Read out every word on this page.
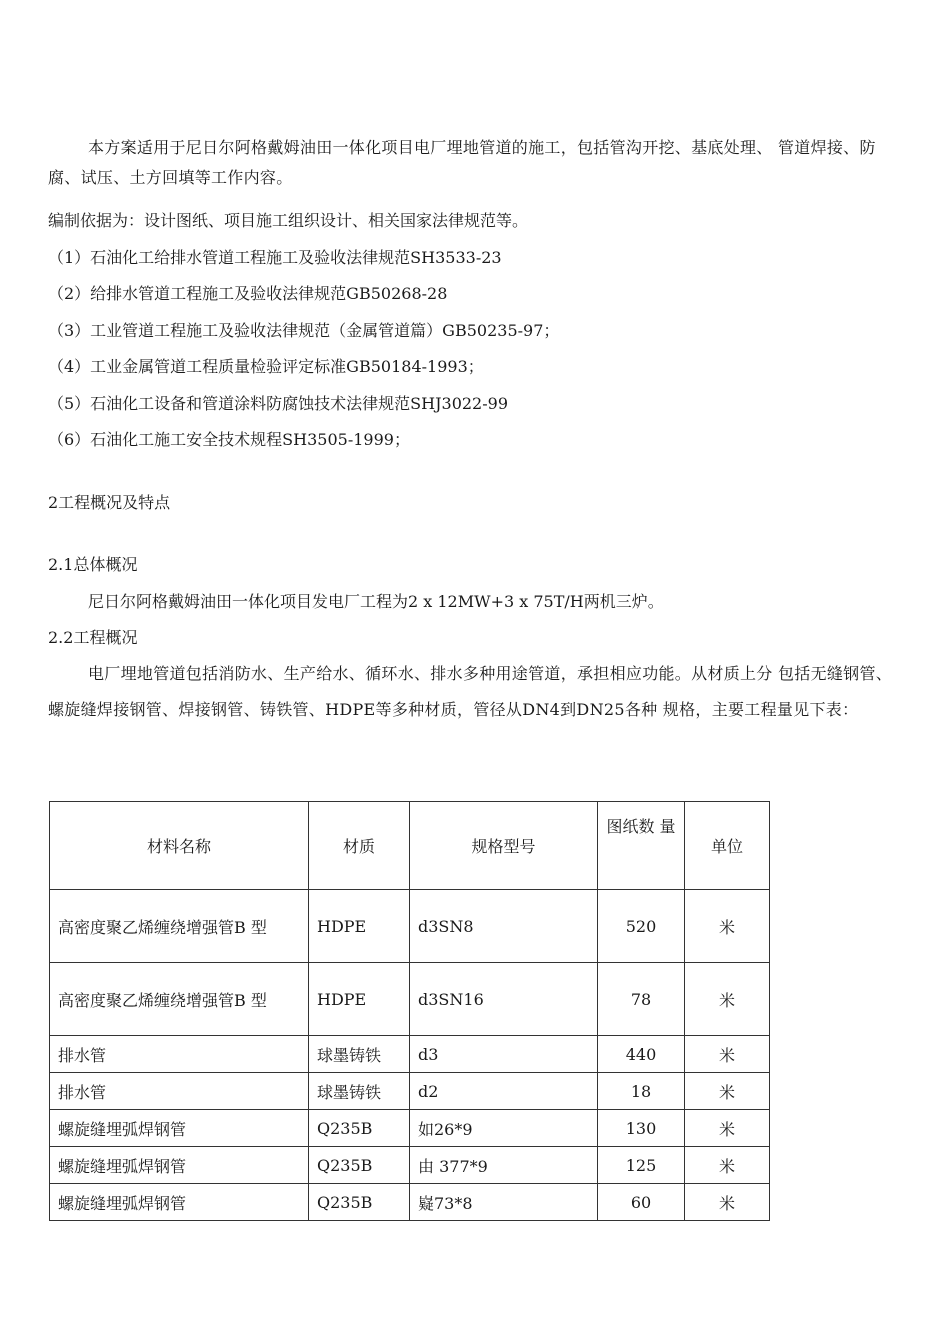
本方案适用于尼日尔阿格戴姆油田一体化项目电厂埋地管道的施工，包括管沟开挖、基底处理、 管道焊接、防腐、试压、土方回填等工作内容。

编制依据为：设计图纸、项目施工组织设计、相关国家法律规范等。

（1）石油化工给排水管道工程施工及验收法律规范SH3533-23

（2）给排水管道工程施工及验收法律规范GB50268-28

（3）工业管道工程施工及验收法律规范（金属管道篇）GB50235-97；

（4）工业金属管道工程质量检验评定标准GB50184-1993；

（5）石油化工设备和管道涂料防腐蚀技术法律规范SHJ3022-99

（6）石油化工施工安全技术规程SH3505-1999；

2工程概况及特点

2.1总体概况

尼日尔阿格戴姆油田一体化项目发电厂工程为2 x 12MW+3 x 75T/H两机三炉。

2.2工程概况

电厂埋地管道包括消防水、生产给水、循环水、排水多种用途管道，承担相应功能。从材质上分 包括无缝钢管、螺旋缝焊接钢管、焊接钢管、铸铁管、HDPE等多种材质，管径从DN4到DN25各种 规格，主要工程量见下表：

材料名称	材质	规格型号	图纸数 量	单位
高密度聚乙烯缠绕增强管B 型	HDPE	d3SN8	520	米
高密度聚乙烯缠绕增强管B 型	HDPE	d3SN16	78	米
排水管	球墨铸铁	d3	440	米
排水管	球墨铸铁	d2	18	米
螺旋缝埋弧焊钢管	Q235B	如26*9	130	米
螺旋缝埋弧焊钢管	Q235B	由 377*9	125	米
螺旋缝埋弧焊钢管	Q235B	嶷73*8	60	米
